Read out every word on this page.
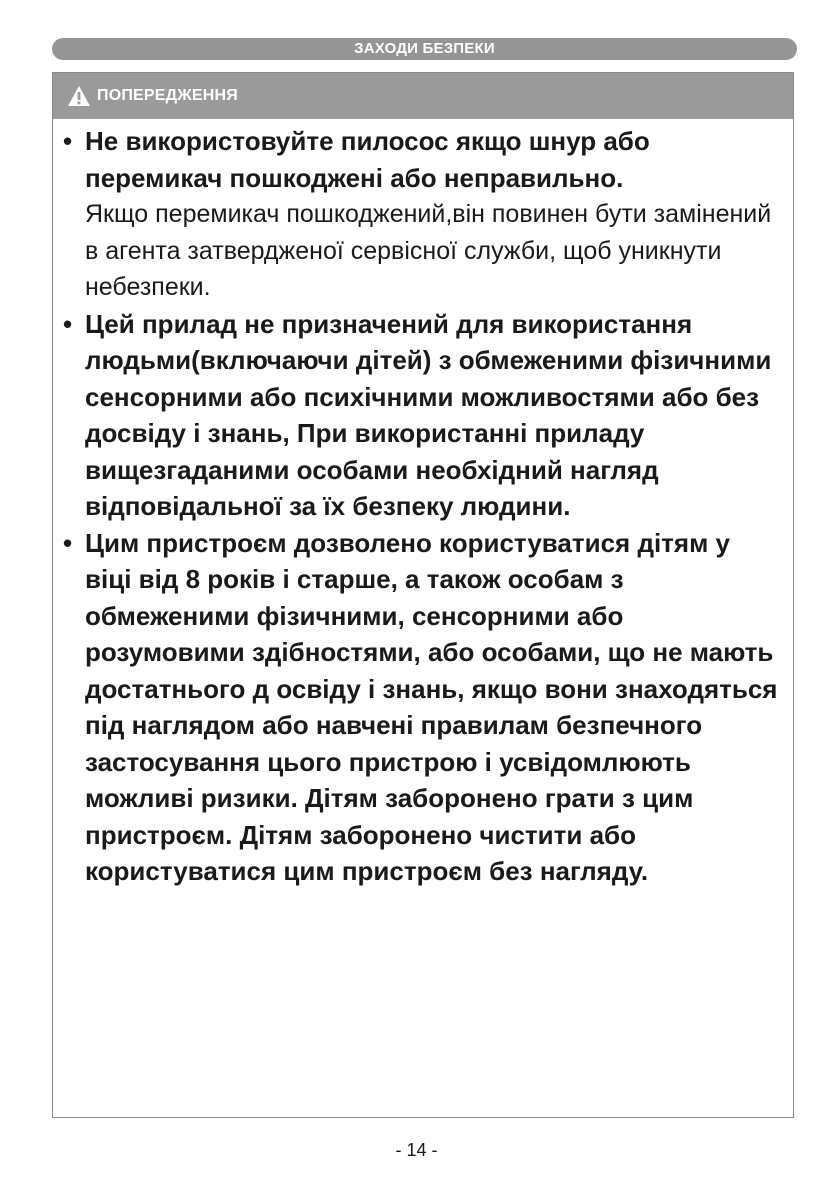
ЗАХОДИ БЕЗПЕКИ
ПОПЕРЕДЖЕННЯ
• Не використовуйте пилосос якщо шнур або перемикач пошкоджені або неправильно.
Якщо перемикач пошкоджений,він повинен бути замінений в агента затвердженої сервісної служби, щоб уникнути небезпеки.
• Цей прилад не призначений для використання людьми(включаючи дітей) з обмеженими фізичними сенсорними або психічними можливостями або без досвіду і знань, При використанні приладу вищезгаданими особами необхідний нагляд відповідальної за їх безпеку людини.
• Цим пристроєм дозволено користуватися дітям у віці від 8 років і старше, а також особам з обмеженими фізичними, сенсорними або розумовими здібностями, або особами, що не мають достатнього д освіду і знань, якщо вони знаходяться під наглядом або навчені правилам безпечного застосування цього пристрою і усвідомлюють можливі ризики. Дітям заборонено грати з цим пристроєм. Дітям заборонено чистити або користуватися цим пристроєм без нагляду.
- 14 -
